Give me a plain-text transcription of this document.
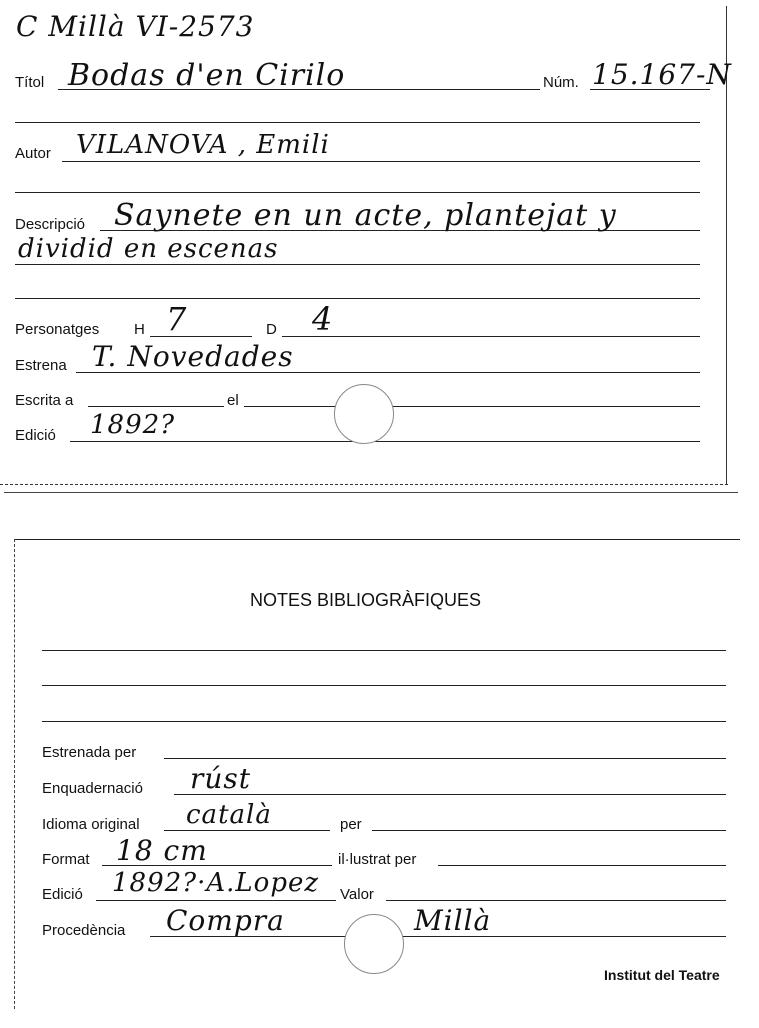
C Millà VI-2573
Títol Bodas d'en Cirilo	Núm. 15.167-N
Autor VILANOVA , Emili
Descripció Saynete en un acte, plantejat y
dividid en escenas
Personatges H 7	D 4
Estrena T. Novedades
Escrita a	el
Edició 1892?
NOTES BIBLIOGRÀFIQUES
Estrenada per
Enquadernació rúst
Idioma original català	per
Format 18 cm	il·lustrat per
Edició 1892?·A.Lopez Valor
Procedència Compra	Millà
Institut del Teatre
